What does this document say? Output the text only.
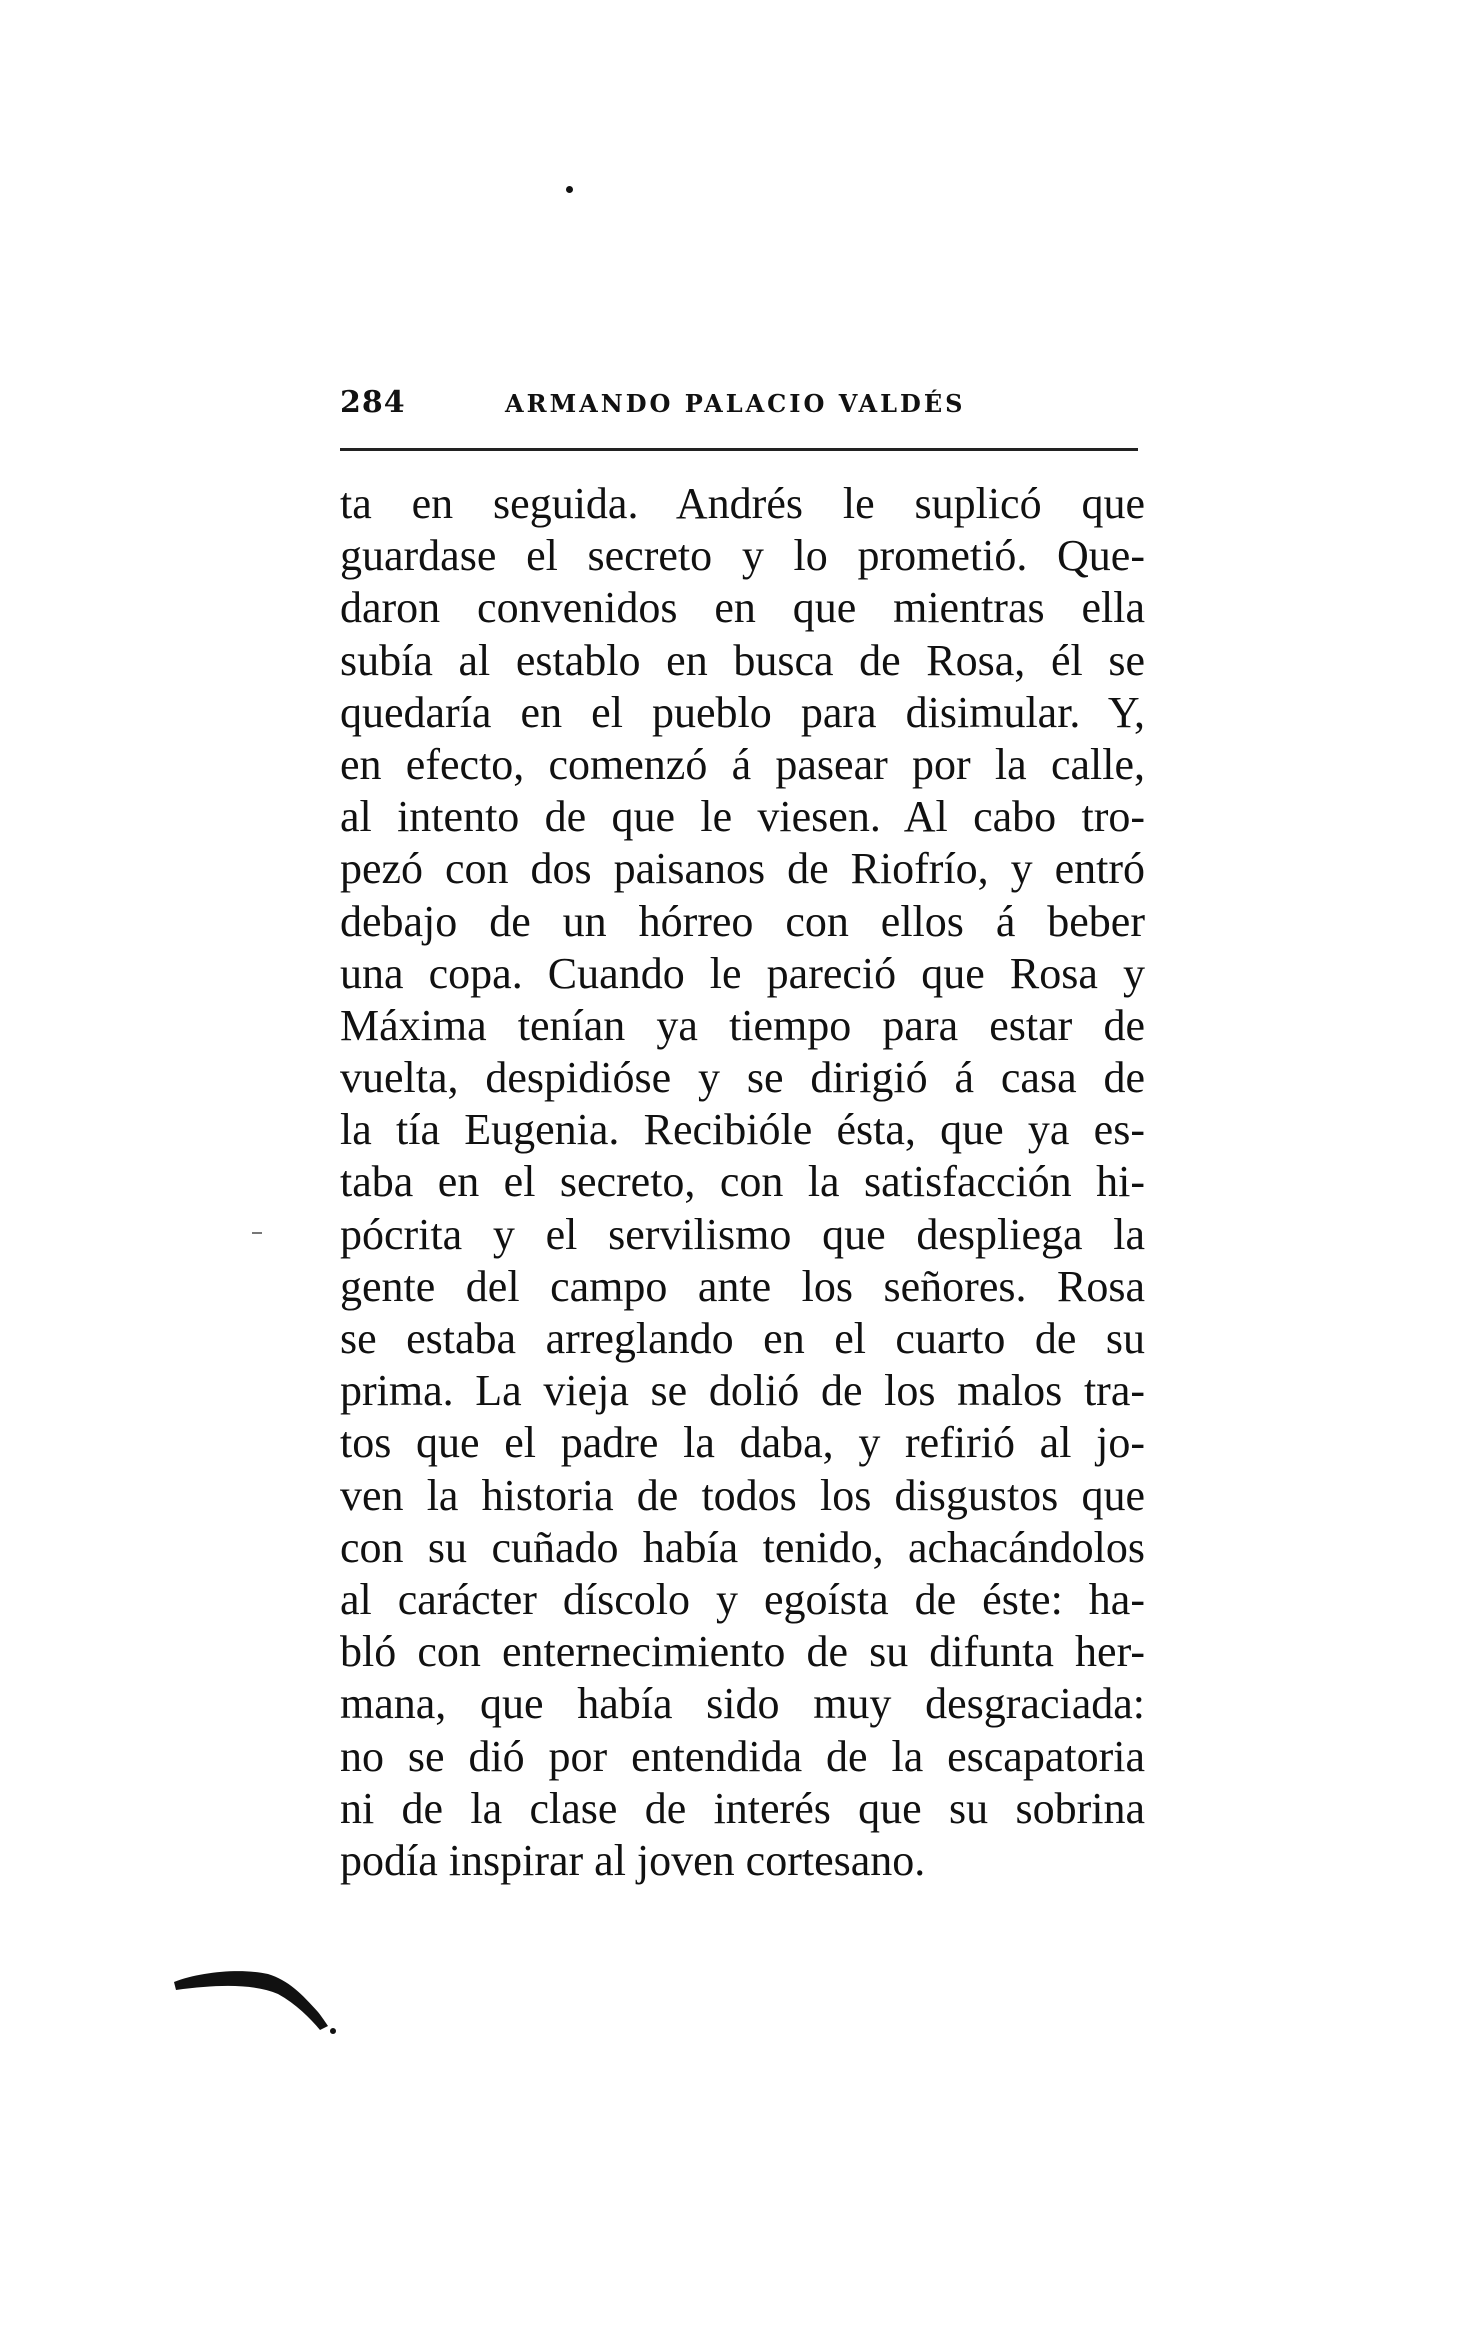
284	ARMANDO PALACIO VALDÉS
ta en seguida. Andrés le suplicó que
guardase el secreto y lo prometió. Que-
daron convenidos en que mientras ella
subía al establo en busca de Rosa, él se
quedaría en el pueblo para disimular. Y,
en efecto, comenzó á pasear por la calle,
al intento de que le viesen. Al cabo tro-
pezó con dos paisanos de Riofrío, y entró
debajo de un hórreo con ellos á beber
una copa. Cuando le pareció que Rosa y
Máxima tenían ya tiempo para estar de
vuelta, despidióse y se dirigió á casa de
la tía Eugenia. Recibióle ésta, que ya es-
taba en el secreto, con la satisfacción hi-
pócrita y el servilismo que despliega la
gente del campo ante los señores. Rosa
se estaba arreglando en el cuarto de su
prima. La vieja se dolió de los malos tra-
tos que el padre la daba, y refirió al jo-
ven la historia de todos los disgustos que
con su cuñado había tenido, achacándolos
al carácter díscolo y egoísta de éste: ha-
bló con enternecimiento de su difunta her-
mana, que había sido muy desgraciada:
no se dió por entendida de la escapatoria
ni de la clase de interés que su sobrina
podía inspirar al joven cortesano.
